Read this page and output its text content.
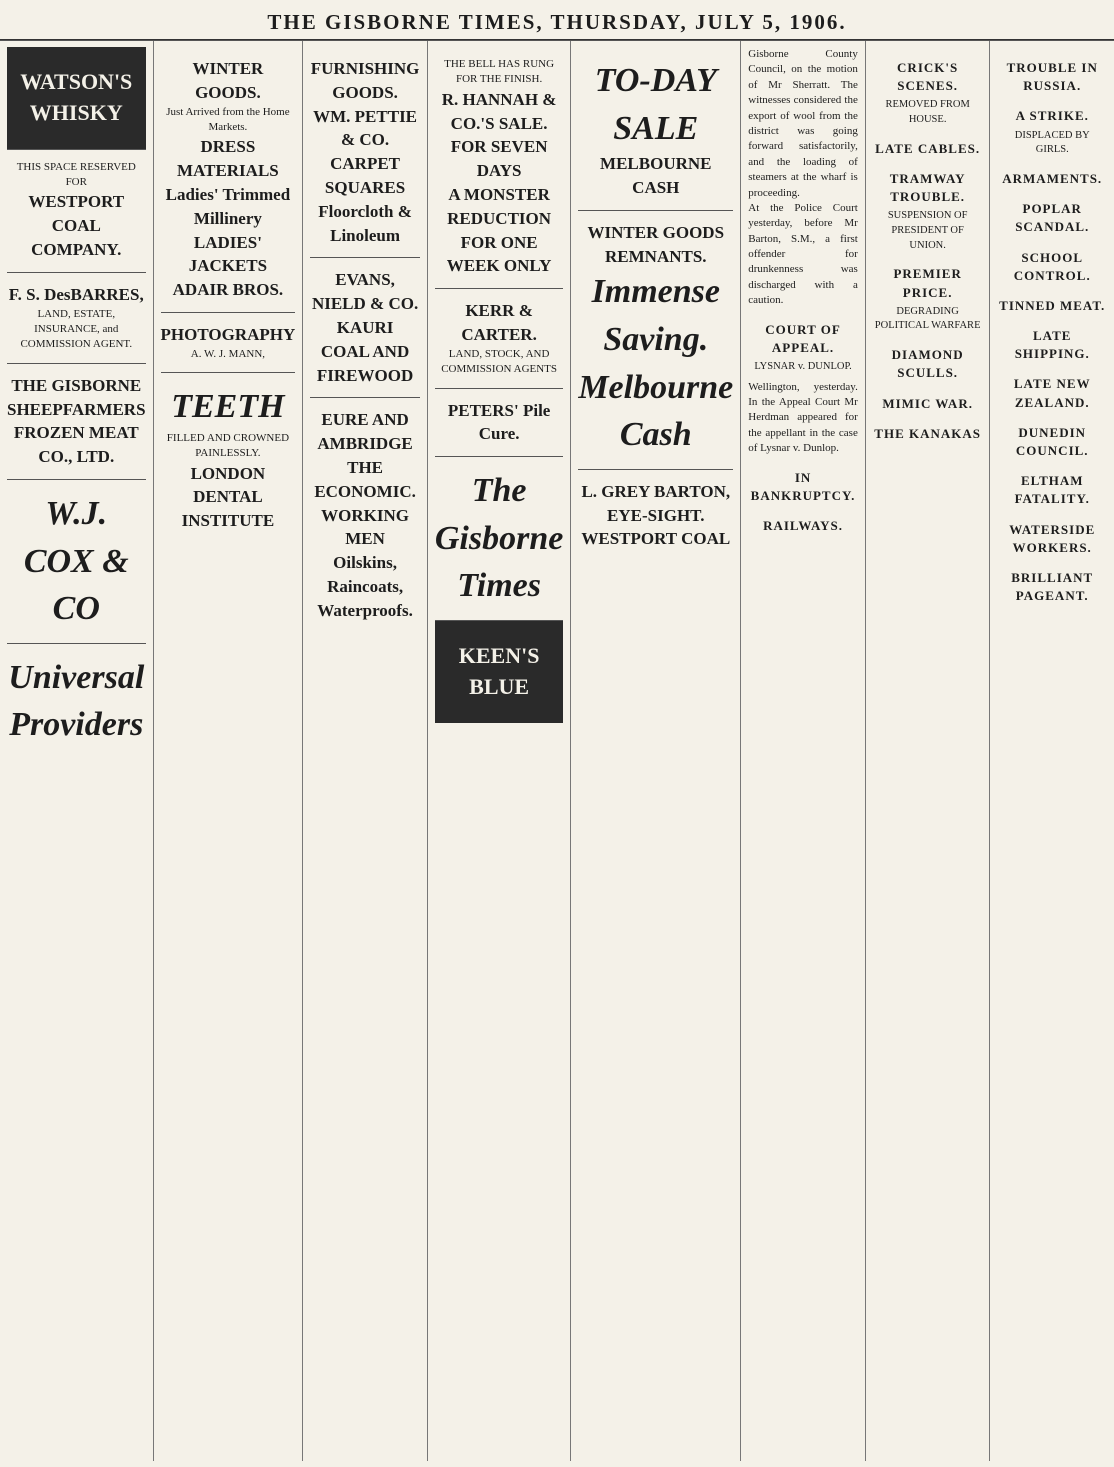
THE GISBORNE TIMES, THURSDAY, JULY 5, 1906.
WATSON'S WHISKY
THIS SPACE RESERVED
FOR
WESTPORT COAL COMPANY.
F. S. DesBARRES,
LAND, ESTATE, INSURANCE, and COMMISSION AGENT.
THE GISBORNE SHEEPFARMERS FROZEN MEAT CO., LTD.
W.J. COX & CO
Universal Providers
WINTER GOODS.
Just Arrived from the Home Markets.
DRESS MATERIALS
Ladies' Trimmed Millinery
LADIES' JACKETS
ADAIR BROS.
PHOTOGRAPHY
A. W. J. MANN,
TEETH
FILLED AND CROWNED PAINLESSLY.
LONDON DENTAL INSTITUTE
FURNISHING GOODS.
WM. PETTIE & CO.
CARPET SQUARES
Floorcloth & Linoleum
EVANS, NIELD & CO.
KAURI
COAL AND FIREWOOD
EURE AND AMBRIDGE
THE ECONOMIC.
WORKING MEN
Oilskins, Raincoats, Waterproofs.
THE BELL HAS RUNG FOR THE FINISH.
R. HANNAH & CO.'S SALE.
FOR SEVEN DAYS
A MONSTER REDUCTION
FOR ONE WEEK ONLY
KERR & CARTER.
LAND, STOCK, AND COMMISSION AGENTS
PETERS' Pile Cure.
The Gisborne Times
KEEN'S BLUE
TO-DAY
SALE
MELBOURNE CASH
WINTER GOODS
REMNANTS.
Immense Saving.
Melbourne Cash
L. GREY BARTON,
EYE-SIGHT.
WESTPORT COAL

Gisborne County Council, on the motion of Mr Sherratt. The witnesses considered the export of wool from the district was going forward satisfactorily, and the loading of steamers at the wharf is proceeding.

At the Police Court yesterday, before Mr Barton, S.M., a first offender for drunkenness was discharged with a caution.

COURT OF APPEAL.
LYSNAR v. DUNLOP.

Wellington, yesterday. In the Appeal Court Mr Herdman appeared for the appellant in the case of Lysnar v. Dunlop.

IN BANKRUPTCY.
RAILWAYS.
CRICK'S SCENES.
REMOVED FROM HOUSE.
LATE CABLES.
TRAMWAY TROUBLE.
SUSPENSION OF PRESIDENT OF UNION.
PREMIER PRICE.
DEGRADING POLITICAL WARFARE
DIAMOND SCULLS.
MIMIC WAR.
THE KANAKAS
TROUBLE IN RUSSIA.
A STRIKE.
DISPLACED BY GIRLS.
ARMAMENTS.
POPLAR SCANDAL.
SCHOOL CONTROL.
TINNED MEAT.
LATE SHIPPING.
LATE NEW ZEALAND.
DUNEDIN COUNCIL.
ELTHAM FATALITY.
WATERSIDE WORKERS.
BRILLIANT PAGEANT.
